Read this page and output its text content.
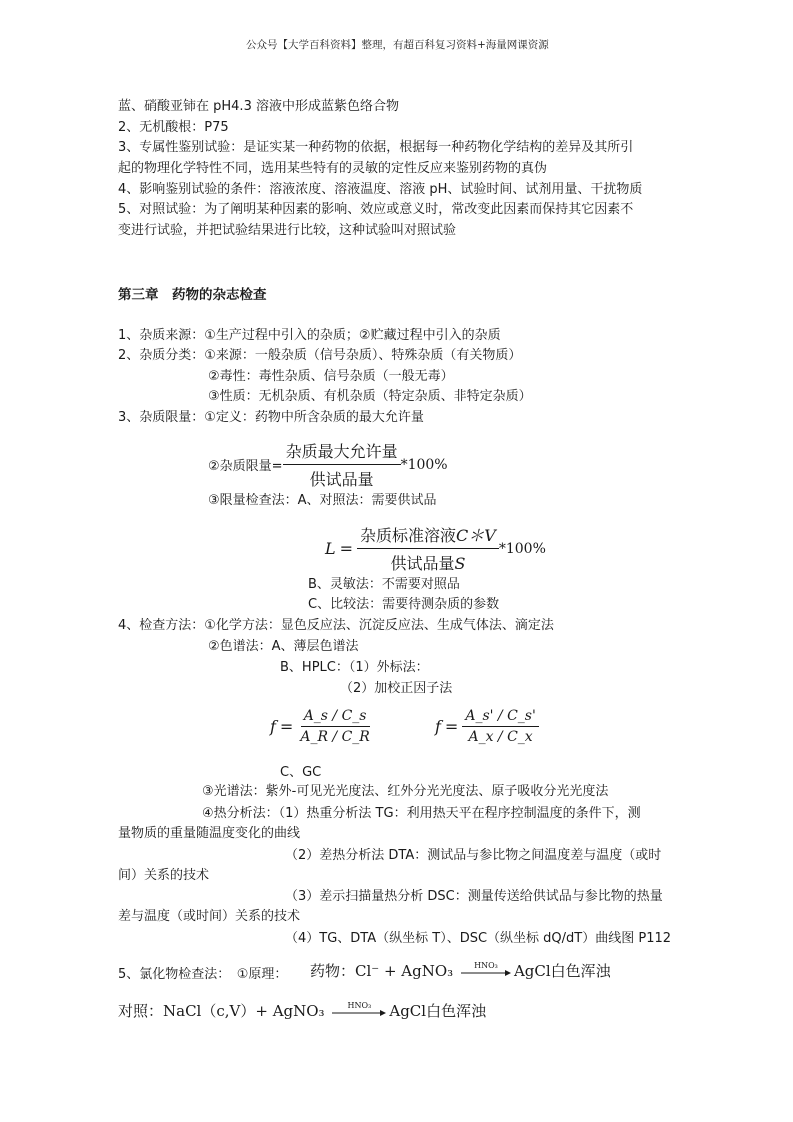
公众号【大学百科资料】整理，有超百科复习资料+海量网课资源
蓝、硝酸亚铈在 pH4.3 溶液中形成蓝紫色络合物
2、无机酸根：P75
3、专属性鉴别试验：是证实某一种药物的依据，根据每一种药物化学结构的差异及其所引
起的物理化学特性不同，选用某些特有的灵敏的定性反应来鉴别药物的真伪
4、影响鉴别试验的条件：溶液浓度、溶液温度、溶液 pH、试验时间、试剂用量、干扰物质
5、对照试验：为了阐明某种因素的影响、效应或意义时，常改变此因素而保持其它因素不
变进行试验，并把试验结果进行比较，这种试验叫对照试验
第三章　药物的杂志检查
1、杂质来源：①生产过程中引入的杂质；②贮藏过程中引入的杂质
2、杂质分类：①来源：一般杂质（信号杂质）、特殊杂质（有关物质）
②毒性：毒性杂质、信号杂质（一般无毒）
③性质：无机杂质、有机杂质（特定杂质、非特定杂质）
3、杂质限量：①定义：药物中所含杂质的最大允许量
②杂质限量= $\frac{\text{杂质最大允许量}}{\text{供试品量}} *100\%$
③限量检查法：A、对照法：需要供试品
$L = \frac{\text{杂质标准溶液C＊V}}{\text{供试品量S}} *100\%$
B、灵敏法：不需要对照品
C、比较法：需要待测杂质的参数
4、检查方法：①化学方法：显色反应法、沉淀反应法、生成气体法、滴定法
②色谱法：A、薄层色谱法
B、HPLC：（1）外标法：
（2）加校正因子法
$f = \frac{A\_s / C\_s}{A\_R / C\_R}$	$f = \frac{A\_s' / C\_s'}{A\_x / C\_x}$
C、GC
③光谱法：紫外-可见光光度法、红外分光光度法、原子吸收分光光度法
④热分析法：（1）热重分析法 TG：利用热天平在程序控制温度的条件下，测
量物质的重量随温度变化的曲线
（2）差热分析法 DTA：测试品与参比物之间温度差与温度（或时
间）关系的技术
（3）差示扫描量热分析 DSC：测量传送给供试品与参比物的热量
差与温度（或时间）关系的技术
（4）TG、DTA（纵坐标 T）、DSC（纵坐标 dQ/dT）曲线图 P112
5、氯化物检查法：　①原理： 药物：Cl⁻ + AgNO₃	HNO₃ AgCl白色浑浊
对照：NaCl（c,V）+ AgNO₃	HNO₃ AgCl白色浑浊
